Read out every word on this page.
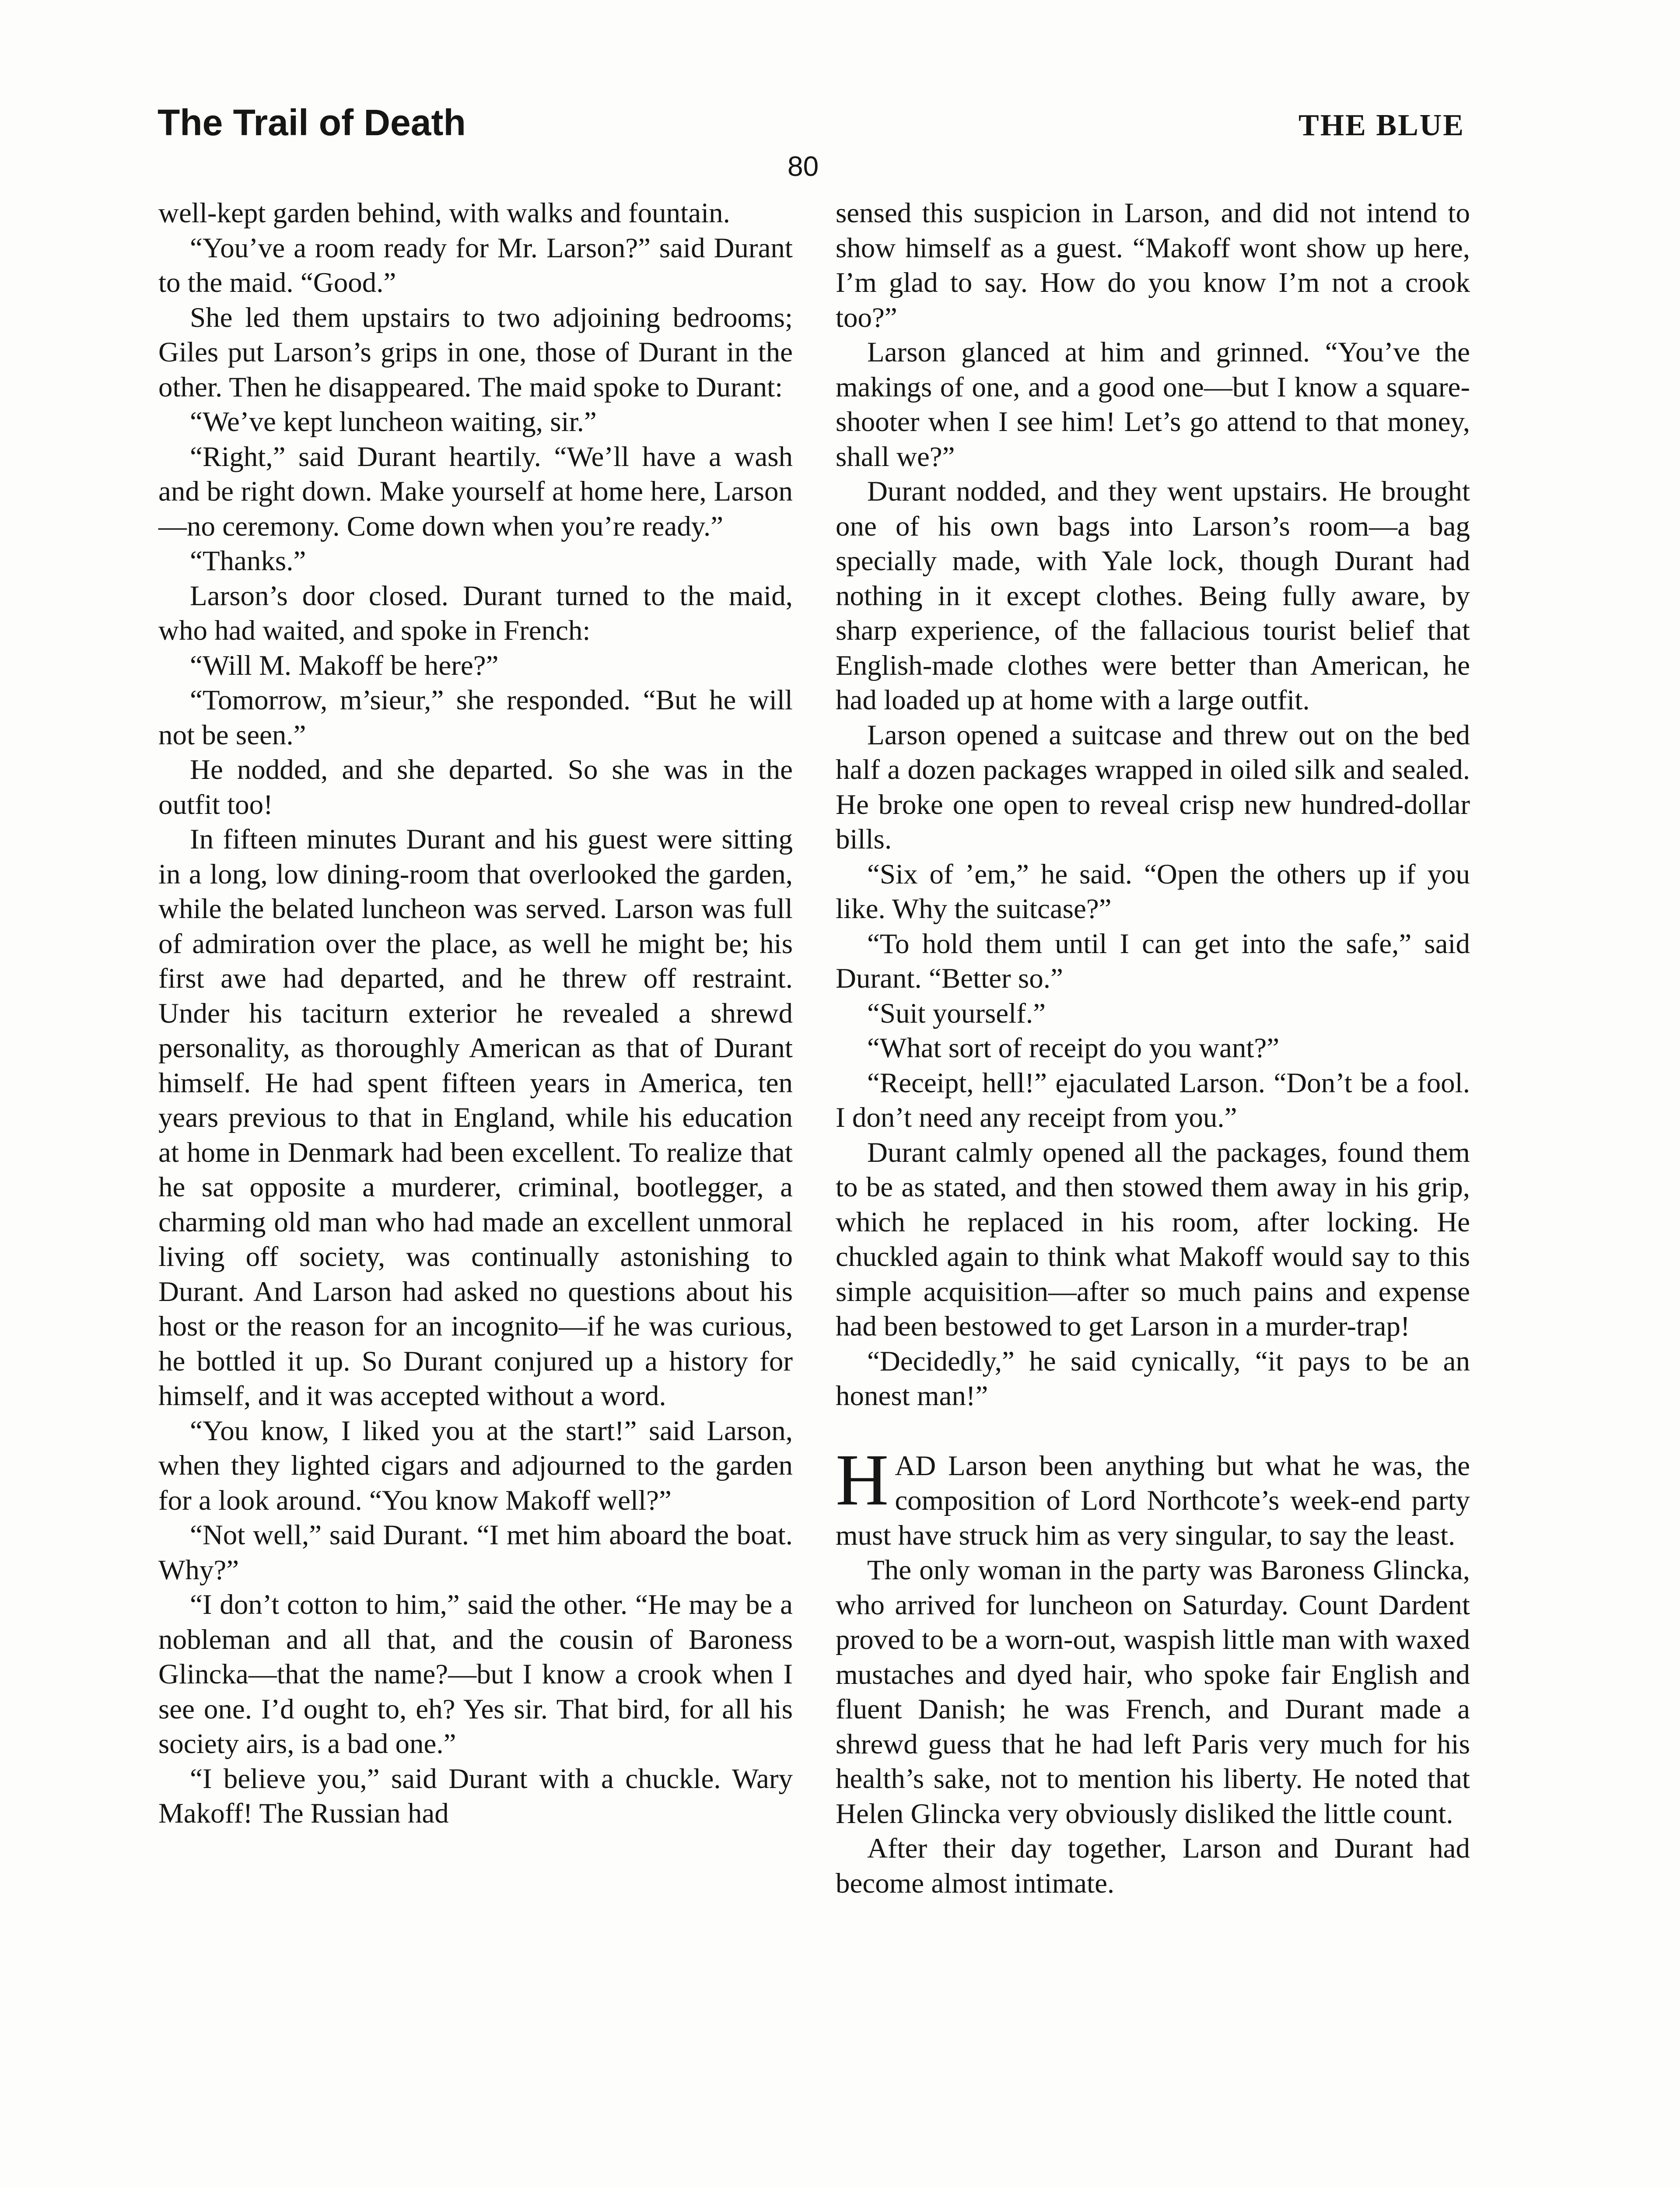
The Trail of Death	THE BLUE
80

well-kept garden behind, with walks and fountain.

“You’ve a room ready for Mr. Larson?” said Durant to the maid. “Good.”

She led them upstairs to two adjoining bedrooms; Giles put Larson’s grips in one, those of Durant in the other. Then he disappeared. The maid spoke to Durant:

“We’ve kept luncheon waiting, sir.”

“Right,” said Durant heartily. “We’ll have a wash and be right down. Make yourself at home here, Larson—no ceremony. Come down when you’re ready.”

“Thanks.”

Larson’s door closed. Durant turned to the maid, who had waited, and spoke in French:

“Will M. Makoff be here?”

“Tomorrow, m’sieur,” she responded. “But he will not be seen.”

He nodded, and she departed. So she was in the outfit too!

In fifteen minutes Durant and his guest were sitting in a long, low dining-room that overlooked the garden, while the belated luncheon was served. Larson was full of admiration over the place, as well he might be; his first awe had departed, and he threw off restraint. Under his taciturn exterior he revealed a shrewd personality, as thoroughly American as that of Durant himself. He had spent fifteen years in America, ten years previous to that in England, while his education at home in Denmark had been excellent. To realize that he sat opposite a murderer, criminal, bootlegger, a charming old man who had made an excellent unmoral living off society, was continually astonishing to Durant. And Larson had asked no questions about his host or the reason for an incognito—if he was curious, he bottled it up. So Durant conjured up a history for himself, and it was accepted without a word.

“You know, I liked you at the start!” said Larson, when they lighted cigars and adjourned to the garden for a look around. “You know Makoff well?”

“Not well,” said Durant. “I met him aboard the boat. Why?”

“I don’t cotton to him,” said the other. “He may be a nobleman and all that, and the cousin of Baroness Glincka—that the name?—but I know a crook when I see one. I’d ought to, eh? Yes sir. That bird, for all his society airs, is a bad one.”

“I believe you,” said Durant with a chuckle. Wary Makoff! The Russian had

sensed this suspicion in Larson, and did not intend to show himself as a guest. “Makoff wont show up here, I’m glad to say. How do you know I’m not a crook too?”

Larson glanced at him and grinned. “You’ve the makings of one, and a good one—but I know a square-shooter when I see him! Let’s go attend to that money, shall we?”

Durant nodded, and they went upstairs. He brought one of his own bags into Larson’s room—a bag specially made, with Yale lock, though Durant had nothing in it except clothes. Being fully aware, by sharp experience, of the fallacious tourist belief that English-made clothes were better than American, he had loaded up at home with a large outfit.

Larson opened a suitcase and threw out on the bed half a dozen packages wrapped in oiled silk and sealed. He broke one open to reveal crisp new hundred-dollar bills.

“Six of ’em,” he said. “Open the others up if you like. Why the suitcase?”

“To hold them until I can get into the safe,” said Durant. “Better so.”

“Suit yourself.”

“What sort of receipt do you want?”

“Receipt, hell!” ejaculated Larson. “Don’t be a fool. I don’t need any receipt from you.”

Durant calmly opened all the packages, found them to be as stated, and then stowed them away in his grip, which he replaced in his room, after locking. He chuckled again to think what Makoff would say to this simple acquisition—after so much pains and expense had been bestowed to get Larson in a murder-trap!

“Decidedly,” he said cynically, “it pays to be an honest man!”

HAD Larson been anything but what he was, the composition of Lord Northcote’s week-end party must have struck him as very singular, to say the least.

The only woman in the party was Baroness Glincka, who arrived for luncheon on Saturday. Count Dardent proved to be a worn-out, waspish little man with waxed mustaches and dyed hair, who spoke fair English and fluent Danish; he was French, and Durant made a shrewd guess that he had left Paris very much for his health’s sake, not to mention his liberty. He noted that Helen Glincka very obviously disliked the little count.

After their day together, Larson and Durant had become almost intimate.
